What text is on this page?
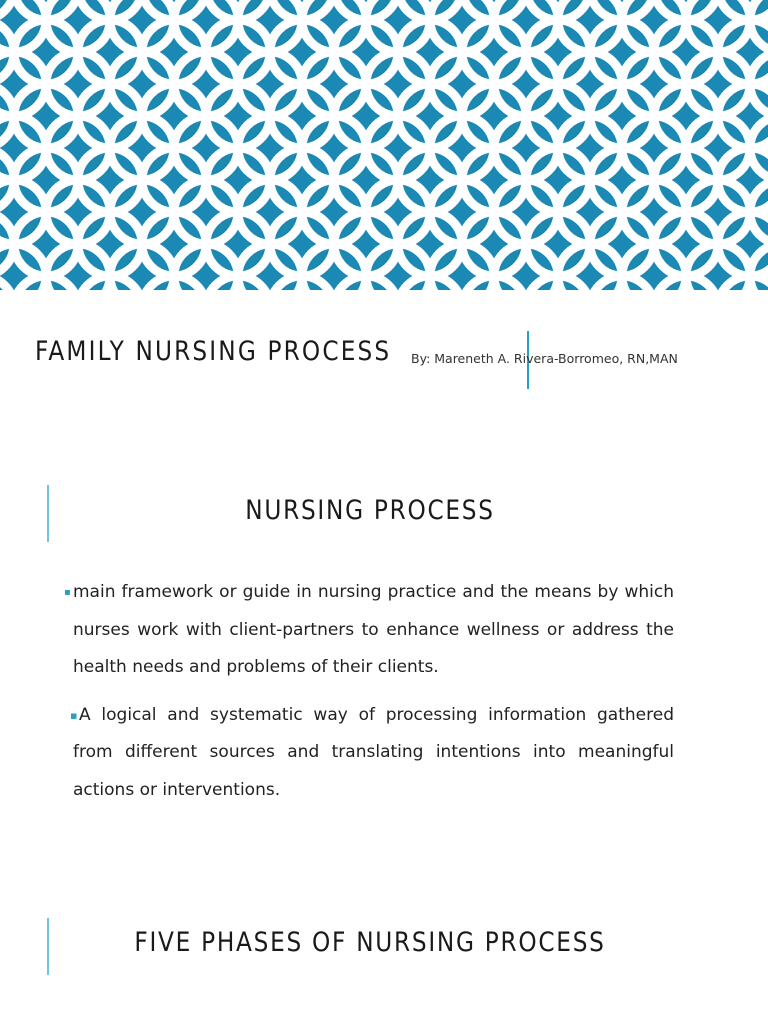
FAMILY NURSING PROCESS By: Mareneth A. Rivera-Borromeo, RN,MAN
NURSING PROCESS
▪ main framework or guide in nursing practice and the means by which nurses work with client-partners to enhance wellness or address the health needs and problems of their clients.
▪ A logical and systematic way of processing information gathered from different sources and translating intentions into meaningful actions or interventions.
FIVE PHASES OF NURSING PROCESS
